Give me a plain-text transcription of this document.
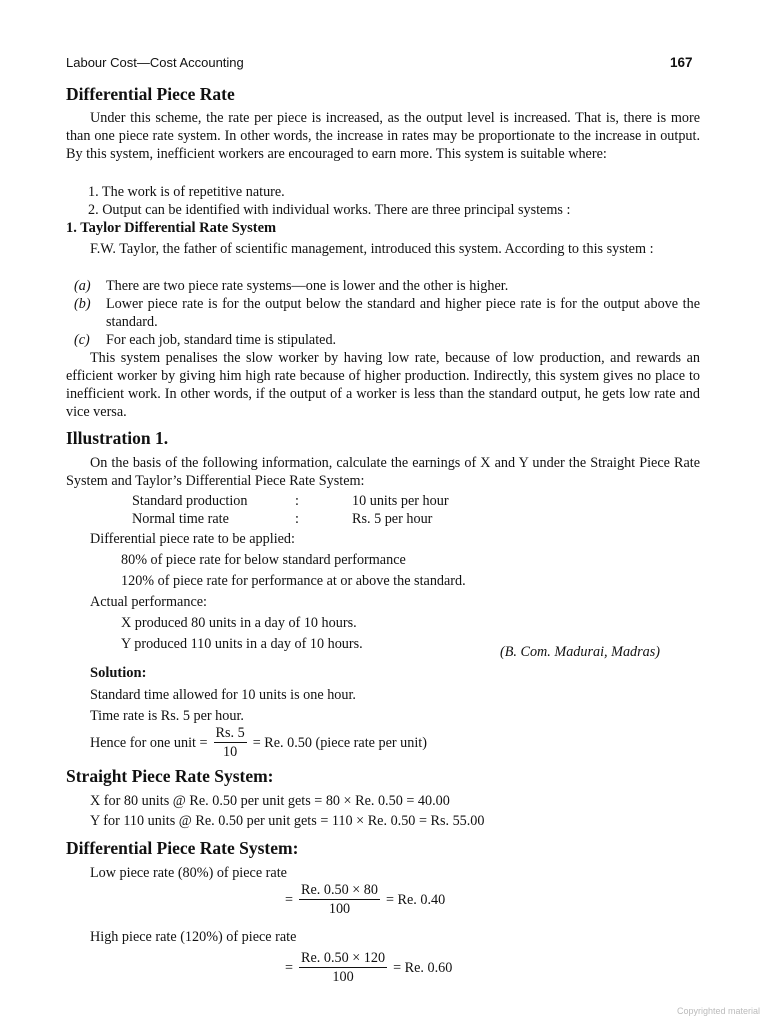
Labour Cost—Cost Accounting	167
Differential Piece Rate
Under this scheme, the rate per piece is increased, as the output level is increased. That is, there is more than one piece rate system. In other words, the increase in rates may be proportionate to the increase in output. By this system, inefficient workers are encouraged to earn more. This system is suitable where:
1. The work is of repetitive nature.
2. Output can be identified with individual works. There are three principal systems :
1. Taylor Differential Rate System
F.W. Taylor, the father of scientific management, introduced this system. According to this system :
(a)	There are two piece rate systems—one is lower and the other is higher.
(b)	Lower piece rate is for the output below the standard and higher piece rate is for the output above the standard.
(c)	For each job, standard time is stipulated.
This system penalises the slow worker by having low rate, because of low production, and rewards an efficient worker by giving him high rate because of higher production. Indirectly, this system gives no place to inefficient work. In other words, if the output of a worker is less than the standard output, he gets low rate and vice versa.
Illustration 1.
On the basis of the following information, calculate the earnings of X and Y under the Straight Piece Rate System and Taylor’s Differential Piece Rate System:
Standard production	:	10 units per hour
Normal time rate	:	Rs. 5 per hour
Differential piece rate to be applied:
80% of piece rate for below standard performance
120% of piece rate for performance at or above the standard.
Actual performance:
X produced 80 units in a day of 10 hours.
Y produced 110 units in a day of 10 hours.	(B. Com. Madurai, Madras)
Solution:
Standard time allowed for 10 units is one hour.
Time rate is Rs. 5 per hour.
Hence for one unit = $\frac{Rs. 5}{10} = Re$. 0.50 (piece rate per unit)
Straight Piece Rate System:
X for 80 units @ Re. 0.50 per unit gets = 80 × Re. 0.50 = 40.00
Y for 110 units @ Re. 0.50 per unit gets = 110 × Re. 0.50 = Rs. 55.00
Differential Piece Rate System:
Low piece rate (80%) of piece rate
= $\frac{Re. 0.50 \times 80}{100} = Re$. 0.40
High piece rate (120%) of piece rate
= $\frac{Re. 0.50 \times 120}{100} = Re$. 0.60
Copyrighted material
